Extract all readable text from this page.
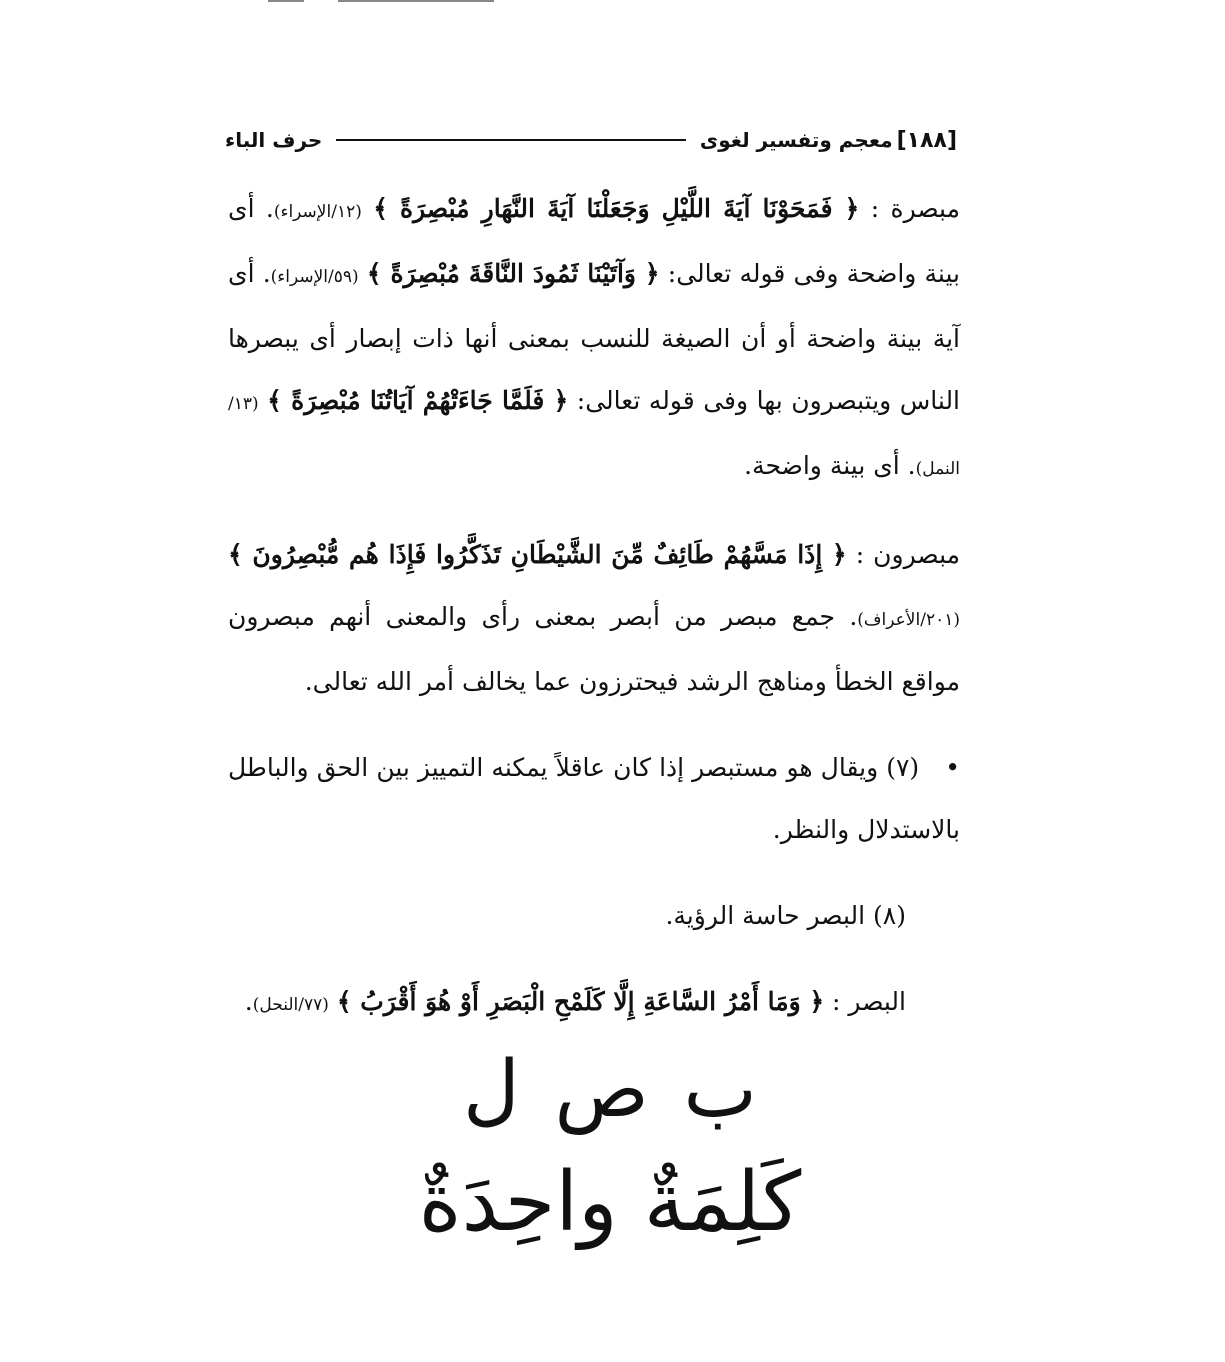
[١٨٨]
معجم وتفسير لغوى
حرف الباء

مبصرة : ﴿ فَمَحَوْنَا آيَةَ اللَّيْلِ وَجَعَلْنَا آيَةَ النَّهَارِ مُبْصِرَةً ﴾ (١٢/الإسراء). أى بينة واضحة وفى قوله تعالى: ﴿ وَآتَيْنَا ثَمُودَ النَّاقَةَ مُبْصِرَةً ﴾ (٥٩/الإسراء). أى آية بينة واضحة أو أن الصيغة للنسب بمعنى أنها ذات إبصار أى يبصرها الناس ويتبصرون بها وفى قوله تعالى: ﴿ فَلَمَّا جَاءَتْهُمْ آيَاتُنَا مُبْصِرَةً ﴾ (١٣/النمل). أى بينة واضحة.

مبصرون : ﴿ إِذَا مَسَّهُمْ طَائِفٌ مِّنَ الشَّيْطَانِ تَذَكَّرُوا فَإِذَا هُم مُّبْصِرُونَ ﴾ (٢٠١/الأعراف). جمع مبصر من أبصر بمعنى رأى والمعنى أنهم مبصرون مواقع الخطأ ومناهج الرشد فيحترزون عما يخالف أمر الله تعالى.

• (٧) ويقال هو مستبصر إذا كان عاقلاً يمكنه التمييز بين الحق والباطل بالاستدلال والنظر.

(٨) البصر حاسة الرؤية.

البصر : ﴿ وَمَا أَمْرُ السَّاعَةِ إِلَّا كَلَمْحِ الْبَصَرِ أَوْ هُوَ أَقْرَبُ ﴾ (٧٧/النحل).

ب ص ل
كَلِمَةٌ واحِدَةٌ
